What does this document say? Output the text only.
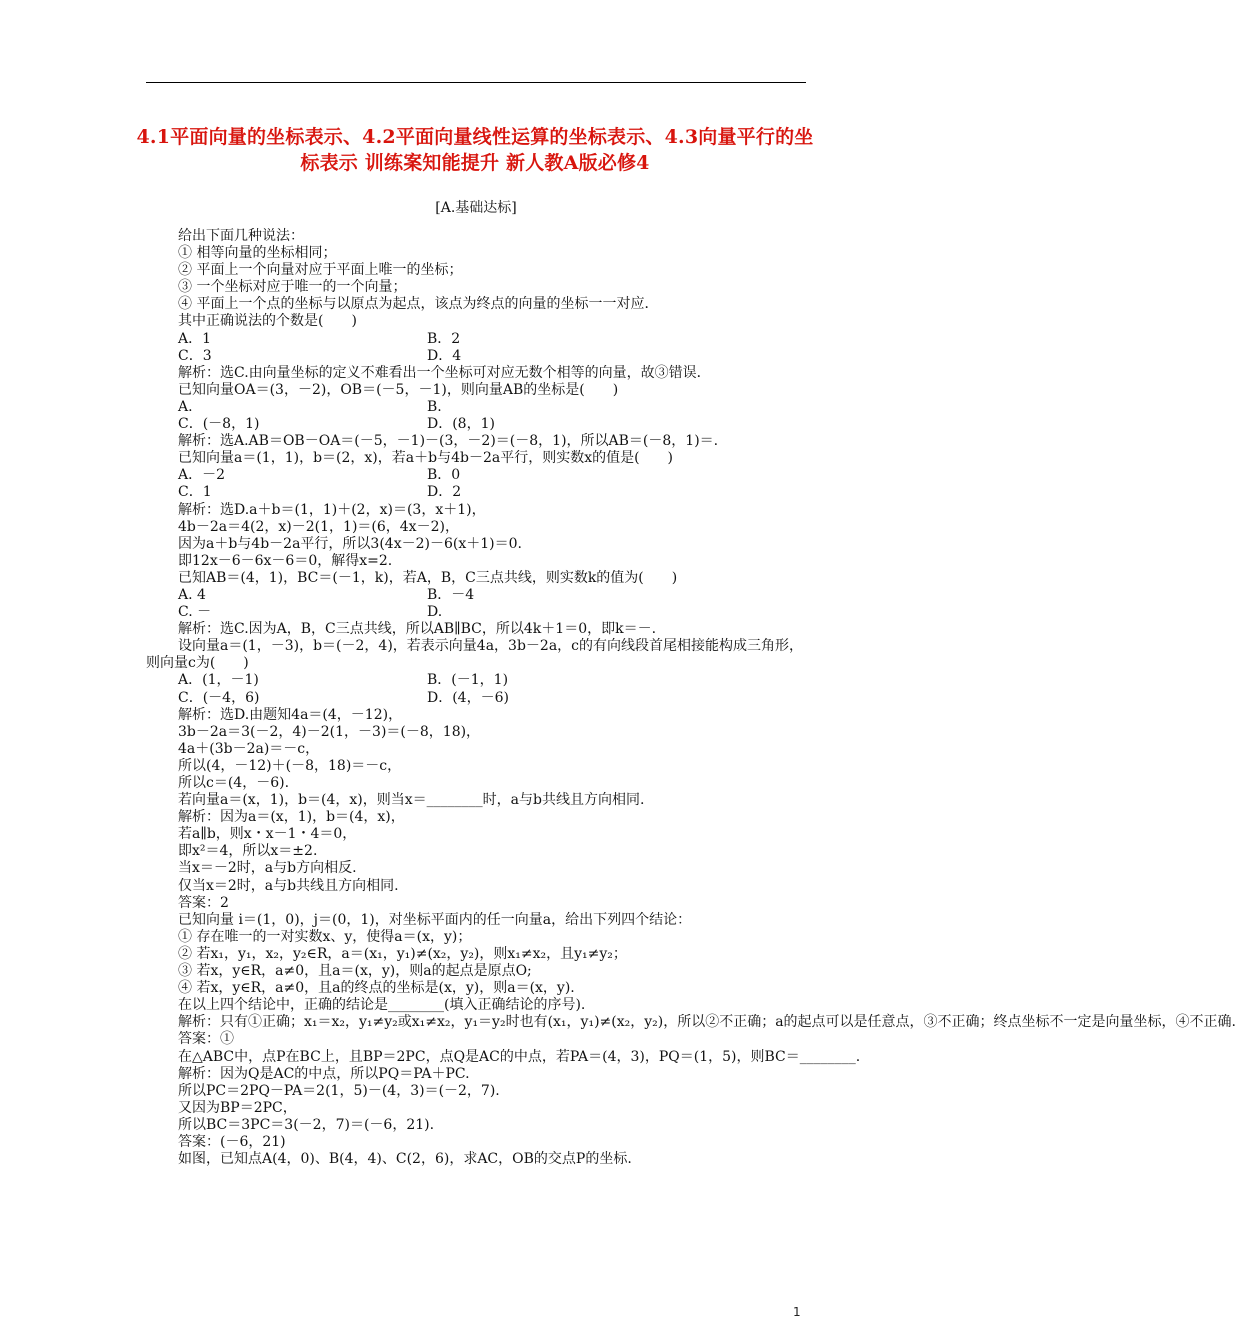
4.1平面向量的坐标表示、4.2平面向量线性运算的坐标表示、4.3向量平行的坐标表示 训练案知能提升 新人教A版必修4
[A.基础达标]
给出下面几种说法：
① 相等向量的坐标相同；
② 平面上一个向量对应于平面上唯一的坐标；
③ 一个坐标对应于唯一的一个向量；
④ 平面上一个点的坐标与以原点为起点，该点为终点的向量的坐标一一对应．
其中正确说法的个数是(　　)
A．1	B．2
C．3	D．4
解析：选C.由向量坐标的定义不难看出一个坐标可对应无数个相等的向量，故③错误．
已知向量OA＝(3，－2)，OB＝(－5，－1)，则向量AB的坐标是(　　)
A.	B.
C．(－8，1)	D．(8，1)
解析：选A.AB＝OB－OA＝(－5，－1)－(3，－2)＝(－8，1)，所以AB＝(－8，1)＝.
已知向量a＝(1，1)，b＝(2，x)，若a＋b与4b－2a平行，则实数x的值是(　　)
A．－2	B．0
C．1	D．2
解析：选D.a＋b＝(1，1)＋(2，x)＝(3，x＋1)，
4b－2a＝4(2，x)－2(1，1)＝(6，4x－2)，
因为a＋b与4b－2a平行，所以3(4x－2)－6(x＋1)＝0.
即12x－6－6x－6＝0，解得x=2.
已知AB＝(4，1)，BC＝(－1，k)，若A，B，C三点共线，则实数k的值为(　　)
A. 4	B．－4
C. －	D.
解析：选C.因为A，B，C三点共线，所以AB∥BC，所以4k＋1＝0，即k＝－.
设向量a＝(1，－3)，b＝(－2，4)，若表示向量4a，3b－2a，c的有向线段首尾相接能构成三角形，则向量c为(　　)
A．(1，－1)	B．(－1，1)
C．(－4，6)	D．(4，－6)
解析：选D.由题知4a＝(4，－12)，
3b－2a＝3(－2，4)－2(1，－3)＝(－8，18)，
4a＋(3b－2a)＝－c，
所以(4，－12)＋(－8，18)＝－c，
所以c＝(4，－6).
若向量a＝(x，1)，b＝(4，x)，则当x＝________时，a与b共线且方向相同.
解析：因为a＝(x，1)，b＝(4，x)，
若a∥b，则x・x－1・4＝0，
即x²＝4，所以x＝±2.
当x＝－2时，a与b方向相反.
仅当x＝2时，a与b共线且方向相同.
答案：2
已知向量 i＝(1，0)，j＝(0，1)，对坐标平面内的任一向量a，给出下列四个结论：
① 存在唯一的一对实数x、y，使得a＝(x，y)；
② 若x₁，y₁，x₂，y₂∈R，a＝(x₁，y₁)≠(x₂，y₂)，则x₁≠x₂，且y₁≠y₂；
③ 若x，y∈R，a≠0，且a＝(x，y)，则a的起点是原点O;
④ 若x，y∈R，a≠0，且a的终点的坐标是(x，y)，则a＝(x，y).
在以上四个结论中，正确的结论是________(填入正确结论的序号).
解析：只有①正确；x₁＝x₂，y₁≠y₂或x₁≠x₂，y₁＝y₂时也有(x₁，y₁)≠(x₂，y₂)，所以②不正确；a的起点可以是任意点，③不正确；终点坐标不一定是向量坐标，④不正确.
答案：①
在△ABC中，点P在BC上，且BP＝2PC，点Q是AC的中点，若PA＝(4，3)，PQ＝(1，5)，则BC＝________.
解析：因为Q是AC的中点，所以PQ＝PA＋PC.
所以PC＝2PQ－PA＝2(1，5)－(4，3)＝(－2，7).
又因为BP＝2PC，
所以BC＝3PC＝3(－2，7)＝(－6，21).
答案：(－6，21)
如图，已知点A(4，0)、B(4，4)、C(2，6)，求AC，OB的交点P的坐标.
1
